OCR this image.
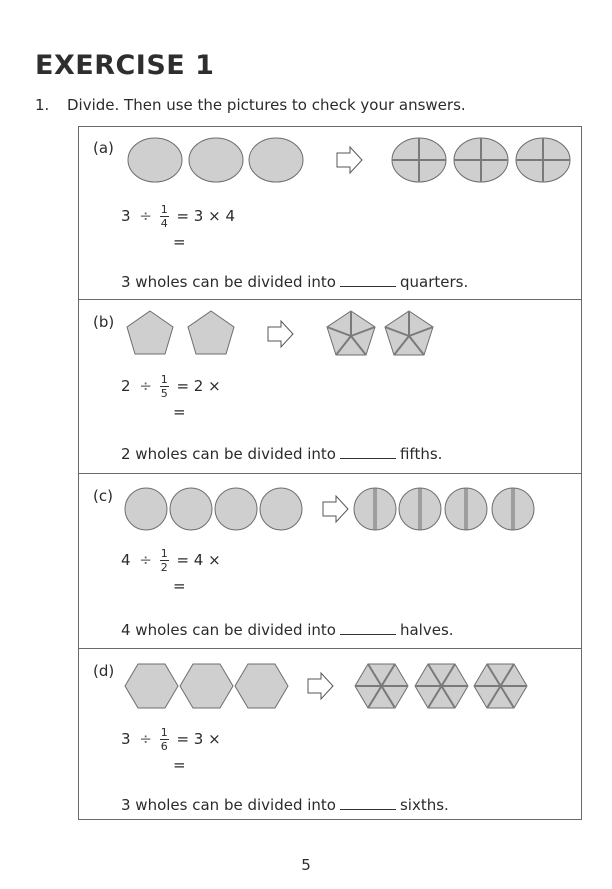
EXERCISE 1
1. Divide. Then use the pictures to check your answers.
(a)
$3 \div \frac{1}{4} = 3 \times 4$
=
3 wholes can be divided into	quarters.
(b)
$2 \div \frac{1}{5} = 2$ ×
=
2 wholes can be divided into	fifths.
(c)
$4 \div \frac{1}{2} = 4$ ×
=
4 wholes can be divided into	halves.
(d)
$3 \div \frac{1}{6} = 3$ ×
=
3 wholes can be divided into	sixths.
5
